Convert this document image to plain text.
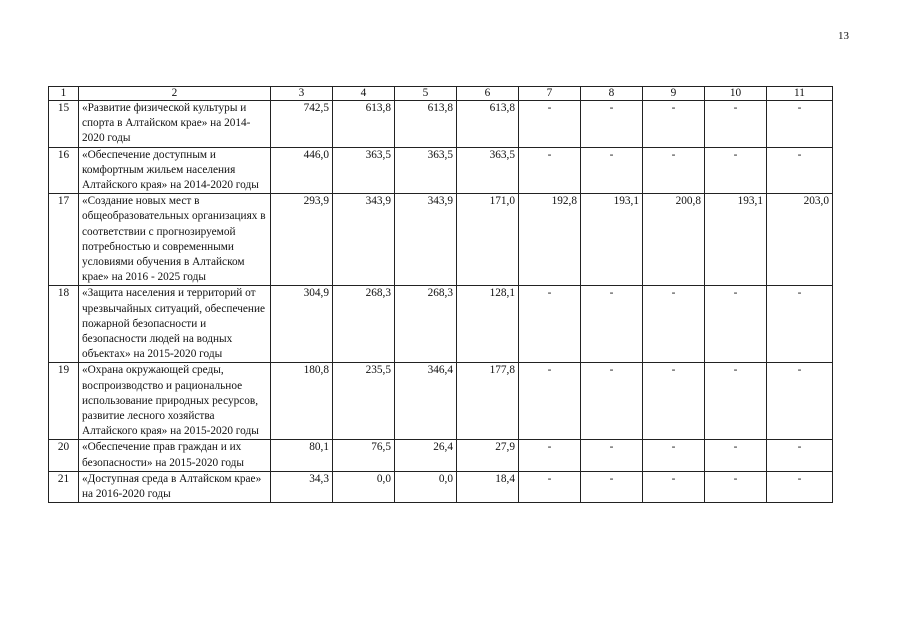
13
1	2	3	4	5	6	7	8	9	10	11
15	«Развитие физической культуры и спорта в Алтайском крае» на 2014-2020 годы	742,5	613,8	613,8	613,8	-	-	-	-	-
16	«Обеспечение доступным и комфортным жильем населения Алтайского края» на 2014-2020 годы	446,0	363,5	363,5	363,5	-	-	-	-	-
17	«Создание новых мест в общеобразовательных организациях в соответствии с прогнозируемой потребностью и современными условиями обучения в Алтайском крае» на 2016 - 2025 годы	293,9	343,9	343,9	171,0	192,8	193,1	200,8	193,1	203,0
18	«Защита населения и территорий от чрезвычайных ситуаций, обеспечение пожарной безопасности и безопасности людей на водных объектах» на 2015-2020 годы	304,9	268,3	268,3	128,1	-	-	-	-	-
19	«Охрана окружающей среды, воспроизводство и рациональное использование природных ресурсов, развитие лесного хозяйства Алтайского края» на 2015-2020 годы	180,8	235,5	346,4	177,8	-	-	-	-	-
20	«Обеспечение прав граждан и их безопасности» на 2015-2020 годы	80,1	76,5	26,4	27,9	-	-	-	-	-
21	«Доступная среда в Алтайском крае» на 2016-2020 годы	34,3	0,0	0,0	18,4	-	-	-	-	-
